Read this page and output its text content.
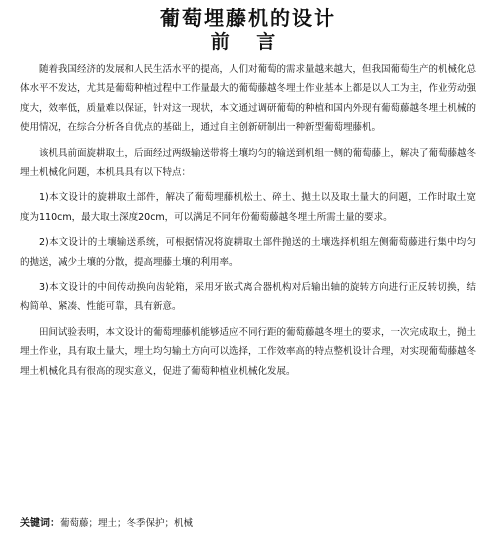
葡萄埋藤机的设计
前 言

随着我国经济的发展和人民生活水平的提高，人们对葡萄的需求量越来越大，但我国葡萄生产的机械化总体水平不发达，尤其是葡萄种植过程中工作量最大的葡萄藤越冬埋土作业基本上都是以人工为主，作业劳动强度大，效率低，质量难以保证，针对这一现状，本文通过调研葡萄的种植和国内外现有葡萄藤越冬埋土机械的使用情况，在综合分析各自优点的基础上，通过自主创新研制出一种新型葡萄埋藤机。

该机具前面旋耕取土，后面经过两级输送带将土壤均匀的输送到机组一侧的葡萄藤上，解决了葡萄藤越冬埋土机械化问题，本机具具有以下特点：

1)本文设计的旋耕取土部件，解决了葡萄埋藤机松土、碎土、抛土以及取土量大的问题，工作时取土宽度为110cm，最大取土深度20cm，可以满足不同年份葡萄藤越冬埋土所需土量的要求。

2)本文设计的土壤输送系统，可根据情况将旋耕取土部件抛送的土壤选择机组左侧葡萄藤进行集中均匀的抛送，减少土壤的分散，提高埋藤土壤的利用率。

3)本文设计的中间传动换向齿轮箱，采用牙嵌式离合器机构对后输出轴的旋转方向进行正反转切换，结构简单、紧凑、性能可靠，具有新意。

田间试验表明，本文设计的葡萄埋藤机能够适应不同行距的葡萄藤越冬埋土的要求，一次完成取土，抛土埋土作业，具有取土量大，埋土均匀输土方向可以选择，工作效率高的特点整机设计合理，对实现葡萄藤越冬埋土机械化具有很高的现实意义，促进了葡萄种植业机械化发展。

关键词：葡萄藤；埋土；冬季保护；机械
